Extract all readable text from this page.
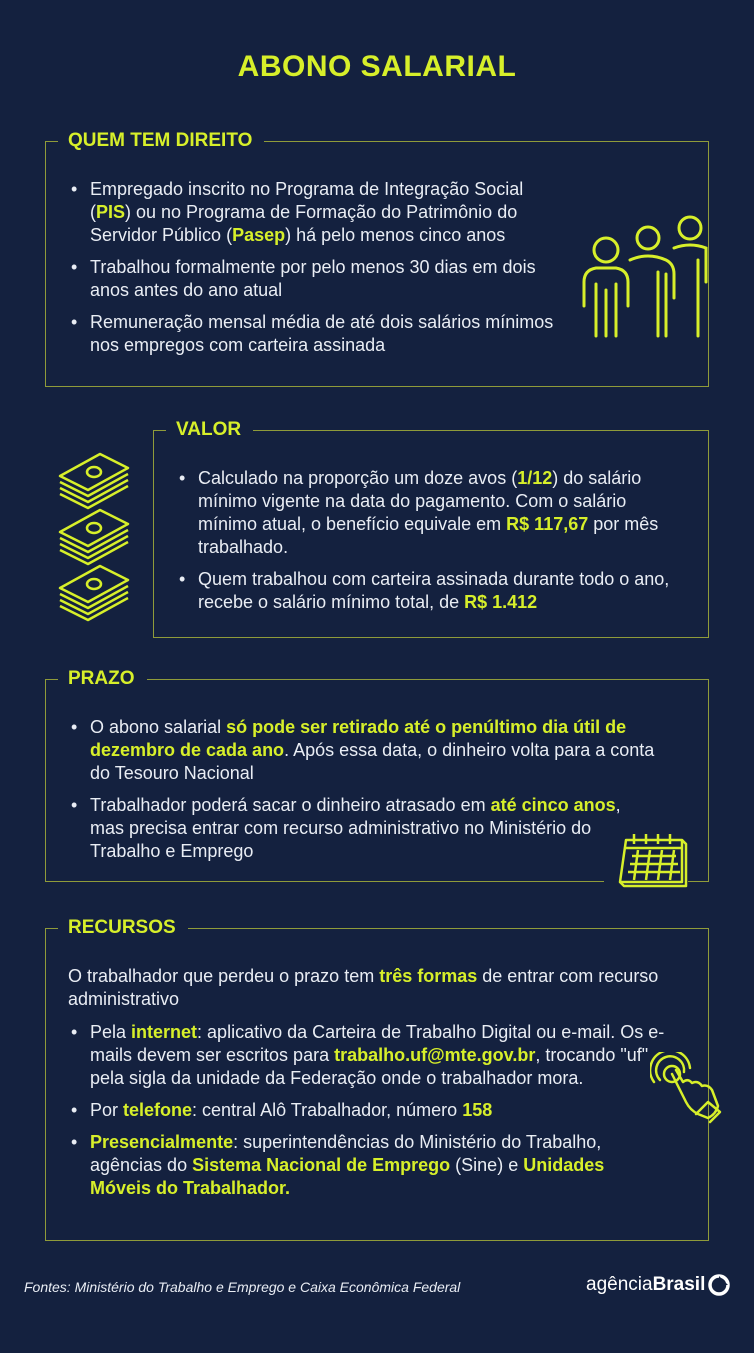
ABONO SALARIAL
QUEM TEM DIREITO
• Empregado inscrito no Programa de Integração Social (PIS) ou no Programa de Formação do Patrimônio do Servidor Público (Pasep) há pelo menos cinco anos
• Trabalhou formalmente por pelo menos 30 dias em dois anos antes do ano atual
• Remuneração mensal média de até dois salários mínimos nos empregos com carteira assinada
VALOR
• Calculado na proporção um doze avos (1/12) do salário mínimo vigente na data do pagamento. Com o salário mínimo atual, o benefício equivale em R$ 117,67 por mês trabalhado.
• Quem trabalhou com carteira assinada durante todo o ano, recebe o salário mínimo total, de R$ 1.412
PRAZO
• O abono salarial só pode ser retirado até o penúltimo dia útil de dezembro de cada ano. Após essa data, o dinheiro volta para a conta do Tesouro Nacional
• Trabalhador poderá sacar o dinheiro atrasado em até cinco anos, mas precisa entrar com recurso administrativo no Ministério do Trabalho e Emprego
RECURSOS

O trabalhador que perdeu o prazo tem três formas de entrar com recurso administrativo

• Pela internet: aplicativo da Carteira de Trabalho Digital ou e-mail. Os e-mails devem ser escritos para trabalho.uf@mte.gov.br, trocando "uf" pela sigla da unidade da Federação onde o trabalhador mora.
• Por telefone: central Alô Trabalhador, número 158
• Presencialmente: superintendências do Ministério do Trabalho, agências do Sistema Nacional de Emprego (Sine) e Unidades Móveis do Trabalhador.
Fontes: Ministério do Trabalho e Emprego e Caixa Econômica Federal	agência Brasil
